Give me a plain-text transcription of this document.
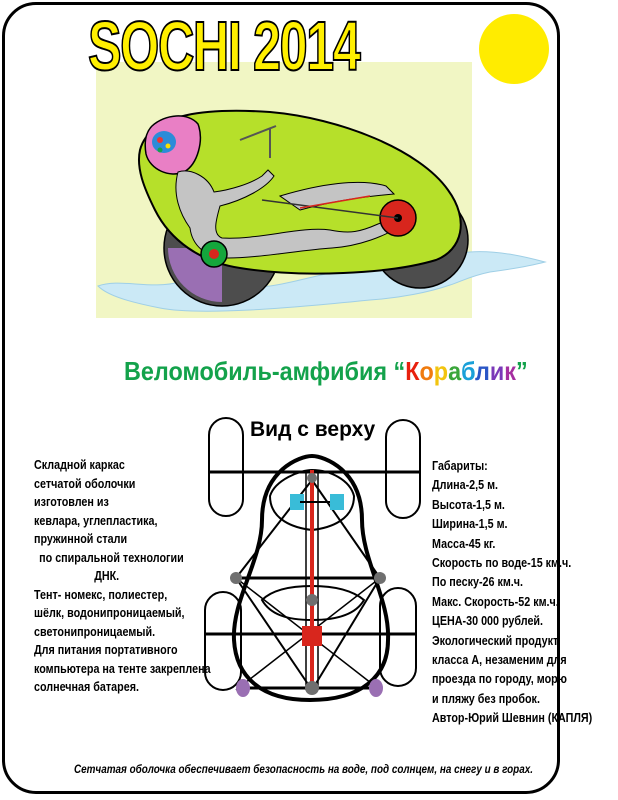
SOCHI 2014
Веломобиль-амфибия “Кораблик”
Вид с верху
Складной каркас
сетчатой оболочки
изготовлен из
кевлара, углепластика,
пружинной стали
по спиральной технологии
ДНК.
Тент- номекс, полиестер,
шёлк, водонипроницаемый,
светонипроницаемый.
Для питания портативного
компьютера на тенте закреплена
солнечная батарея.
Габариты:
Длина-2,5 м.
Высота-1,5 м.
Ширина-1,5 м.
Масса-45 кг.
Скорость по воде-15 км.ч.
По песку-26 км.ч.
Макс. Скорость-52 км.ч.
ЦЕНА-30 000 рублей.
Экологический продукт
класса А, незаменим для
проезда по городу, морю
и пляжу без пробок.
Автор-Юрий Шевнин (КАПЛЯ)
Сетчатая оболочка обеспечивает безопасность на воде, под солнцем, на снегу и в горах.
